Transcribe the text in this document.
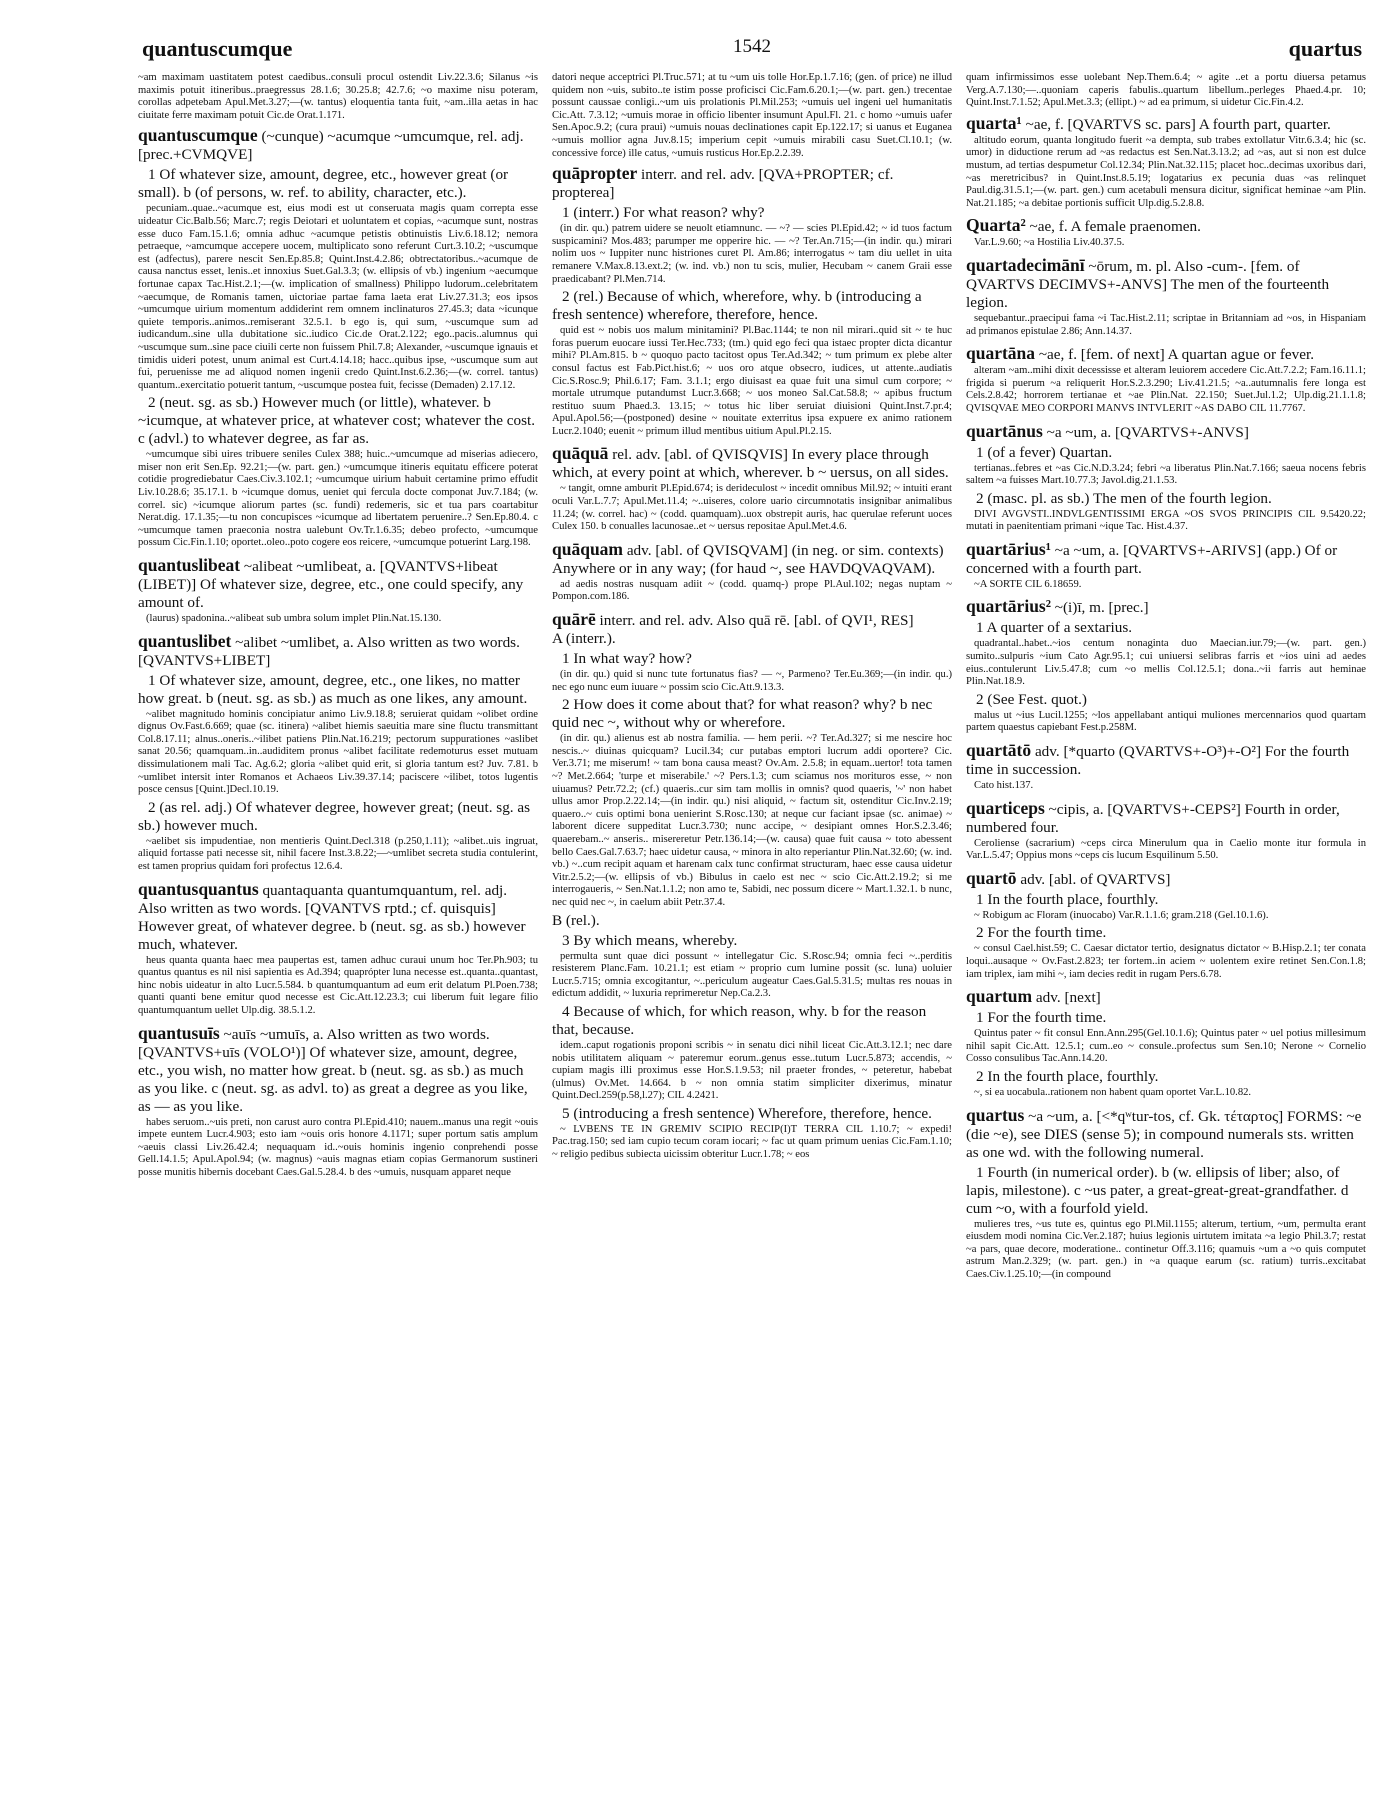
quantuscumque	1542	quartus

~am maximam uastitatem potest caedibus..consuli procul ostendit Liv.22.3.6; Silanus ~is maximis potuit itineribus..praegressus 28.1.6; 30.25.8; 42.7.6; ~o maxime nisu poteram, corollas adpetebam Apul.Met.3.27;—(w. tantus) eloquentia tanta fuit, ~am..illa aetas in hac ciuitate ferre maximam potuit Cic.de Orat.1.171.

quantuscumque (~cunque) ~acumque ~umcumque, rel. adj. [prec.+CVMQVE]

1 Of whatever size, amount, degree, etc., however great (or small). b (of persons, w. ref. to ability, character, etc.).

pecuniam..quae..~acumque est, eius modi est ut conseruata magis quam correpta esse uideatur Cic.Balb.56; Marc.7; regis Deiotari et uoluntatem et copias, ~acumque sunt, nostras esse duco Fam.15.1.6; omnia adhuc ~acumque petistis obtinuistis Liv.6.18.12; nemora petraeque, ~amcumque accepere uocem, multiplicato sono referunt Curt.3.10.2; ~uscumque est (adfectus), parere nescit Sen.Ep.85.8; Quint.Inst.4.2.86; obtrectatoribus..~acumque de causa nanctus esset, lenis..et innoxius Suet.Gal.3.3; (w. ellipsis of vb.) ingenium ~aecumque fortunae capax Tac.Hist.2.1;—(w. implication of smallness) Philippo ludorum..celebritatem ~aecumque, de Romanis tamen, uictoriae partae fama laeta erat Liv.27.31.3; eos ipsos ~umcumque uirium momentum addiderint rem omnem inclinaturos 27.45.3; data ~icunque quiete temporis..animos..remiserant 32.5.1. b ego is, qui sum, ~uscumque sum ad iudicandum..sine ulla dubitatione sic..iudico Cic.de Orat.2.122; ego..pacis..alumnus qui ~uscumque sum..sine pace ciuili certe non fuissem Phil.7.8; Alexander, ~uscumque ignauis et timidis uideri potest, unum animal est Curt.4.14.18; hacc..quibus ipse, ~uscumque sum aut fui, peruenisse me ad aliquod nomen ingenii credo Quint.Inst.6.2.36;—(w. correl. tantus) quantum..exercitatio potuerit tantum, ~uscumque postea fuit, fecisse (Demaden) 2.17.12.

2 (neut. sg. as sb.) However much (or little), whatever. b ~icumque, at whatever price, at whatever cost; whatever the cost. c (advl.) to whatever degree, as far as.

~umcumque sibi uires tribuere seniles Culex 388; huic..~umcumque ad miserias adiecero, miser non erit Sen.Ep. 92.21;—(w. part. gen.) ~umcumque itineris equitatu efficere poterat cotidie progrediebatur Caes.Civ.3.102.1; ~umcumque uirium habuit certamine primo effudit Liv.10.28.6; 35.17.1. b ~icumque domus, ueniet qui fercula docte componat Juv.7.184; (w. correl. sic) ~icumque aliorum partes (sc. fundi) redemeris, sic et tua pars coartabitur Nerat.dig. 17.1.35;—tu non concupisces ~icumque ad libertatem peruenire..? Sen.Ep.80.4. c ~umcumque tamen praeconia nostra ualebunt Ov.Tr.1.6.35; debeo profecto, ~umcumque possum Cic.Fin.1.10; oportet..oleo..poto cogere eos reicere, ~umcumque potuerint Larg.198.

quantuslibeat ~alibeat ~umlibeat, a. [QVANTVS+libeat (LIBET)] Of whatever size, degree, etc., one could specify, any amount of.

(laurus) spadonina..~alibeat sub umbra solum implet Plin.Nat.15.130.

quantuslibet ~alibet ~umlibet, a. Also written as two words. [QVANTVS+LIBET]

1 Of whatever size, amount, degree, etc., one likes, no matter how great. b (neut. sg. as sb.) as much as one likes, any amount.

~alibet magnitudo hominis concipiatur animo Liv.9.18.8; seruierat quidam ~olibet ordine dignus Ov.Fast.6.669; quae (sc. itinera) ~alibet hiemis saeuitia mare sine fluctu transmittant Col.8.17.11; alnus..oneris..~ilibet patiens Plin.Nat.16.219; pectorum suppurationes ~aslibet sanat 20.56; quamquam..in..audiditem pronus ~alibet facilitate redemoturus esset mutuam dissimulationem mali Tac. Ag.6.2; gloria ~alibet quid erit, si gloria tantum est? Juv. 7.81. b ~umlibet intersit inter Romanos et Achaeos Liv.39.37.14; paciscere ~ilibet, totos lugentis posce census [Quint.]Decl.10.19.

2 (as rel. adj.) Of whatever degree, however great; (neut. sg. as sb.) however much.

~aelibet sis impudentiae, non mentieris Quint.Decl.318 (p.250,1.11); ~alibet..uis ingruat, aliquid fortasse pati necesse sit, nihil facere Inst.3.8.22;—~umlibet secreta studia contulerint, est tamen proprius quidam fori profectus 12.6.4.

quantusquantus quantaquanta quantumquantum, rel. adj. Also written as two words. [QVANTVS rptd.; cf. quisquis] However great, of whatever degree. b (neut. sg. as sb.) however much, whatever.

heus quanta quanta haec mea paupertas est, tamen adhuc curaui unum hoc Ter.Ph.903; tu quantus quantus es nil nisi sapientia es Ad.394; quaprópter luna necesse est..quanta..quantast, hinc nobis uideatur in alto Lucr.5.584. b quantumquantum ad eum erit delatum Pl.Poen.738; quanti quanti bene emitur quod necesse est Cic.Att.12.23.3; cui liberum fuit legare filio quantumquantum uellet Ulp.dig. 38.5.1.2.

quantusuīs ~auīs ~umuīs, a. Also written as two words. [QVANTVS+uīs (VOLO¹)] Of whatever size, amount, degree, etc., you wish, no matter how great. b (neut. sg. as sb.) as much as you like. c (neut. sg. as advl. to) as great a degree as you like, as — as you like.

habes seruom..~uis preti, non carust auro contra Pl.Epid.410; nauem..manus una regit ~ouis impete euntem Lucr.4.903; esto iam ~ouis oris honore 4.1171; super portum satis amplum ~aeuis classi Liv.26.42.4; nequaquam id..~ouis hominis ingenio conprehendi posse Gell.14.1.5; Apul.Apol.94; (w. magnus) ~auis magnas etiam copias Germanorum sustineri posse munitis hibernis docebant Caes.Gal.5.28.4. b des ~umuis, nusquam apparet neque

datori neque acceptrici Pl.Truc.571; at tu ~um uis tolle Hor.Ep.1.7.16; (gen. of price) ne illud quidem non ~uis, subito..te istim posse proficisci Cic.Fam.6.20.1;—(w. part. gen.) trecentae possunt caussae conligi..~um uis prolationis Pl.Mil.253; ~umuis uel ingeni uel humanitatis Cic.Att. 7.3.12; ~umuis morae in officio libenter insumunt Apul.Fl. 21. c homo ~umuis uafer Sen.Apoc.9.2; (cura praui) ~umuis nouas declinationes capit Ep.122.17; si uanus et Euganea ~umuis mollior agna Juv.8.15; imperium cepit ~umuis mirabili casu Suet.Cl.10.1; (w. concessive force) ille catus, ~umuis rusticus Hor.Ep.2.2.39.

quāpropter interr. and rel. adv. [QVA+PROPTER; cf. propterea]

1 (interr.) For what reason? why?

(in dir. qu.) patrem uidere se neuolt etiamnunc. — ~? — scies Pl.Epid.42; ~ id tuos factum suspicamini? Mos.483; parumper me opperire hic. — ~? Ter.An.715;—(in indir. qu.) mirari nolim uos ~ Iuppiter nunc histriones curet Pl. Am.86; interrogatus ~ tam diu uellet in uita remanere V.Max.8.13.ext.2; (w. ind. vb.) non tu scis, mulier, Hecubam ~ canem Graii esse praedicabant? Pl.Men.714.

2 (rel.) Because of which, wherefore, why. b (introducing a fresh sentence) wherefore, therefore, hence.

quid est ~ nobis uos malum minitamini? Pl.Bac.1144; te non nil mirari..quid sit ~ te huc foras puerum euocare iussi Ter.Hec.733; (tm.) quid ego feci qua istaec propter dicta dicantur mihi? Pl.Am.815. b ~ quoquo pacto tacitost opus Ter.Ad.342; ~ tum primum ex plebe alter consul factus est Fab.Pict.hist.6; ~ uos oro atque obsecro, iudices, ut attente..audiatis Cic.S.Rosc.9; Phil.6.17; Fam. 3.1.1; ergo diuisast ea quae fuit una simul cum corpore; ~ mortale utrumque putandumst Lucr.3.668; ~ uos moneo Sal.Cat.58.8; ~ apibus fructum restituo suum Phaed.3. 13.15; ~ totus hic liber seruiat diuisioni Quint.Inst.7.pr.4; Apul.Apol.56;—(postponed) desine ~ nouitate exterritus ipsa expuere ex animo rationem Lucr.2.1040; euenit ~ primum illud mentibus uitium Apul.Pl.2.15.

quāquā rel. adv. [abl. of QVISQVIS] In every place through which, at every point at which, wherever. b ~ uersus, on all sides.

~ tangit, omne amburit Pl.Epid.674; is derideculost ~ incedit omnibus Mil.92; ~ intuiti erant oculi Var.L.7.7; Apul.Met.11.4; ~..uiseres, colore uario circumnotatis insignibar animalibus 11.24; (w. correl. hac) ~ (codd. quamquam)..uox obstrepit auris, hac querulae referunt uoces Culex 150. b conualles lacunosae..et ~ uersus repositae Apul.Met.4.6.

quāquam adv. [abl. of QVISQVAM] (in neg. or sim. contexts) Anywhere or in any way; (for haud ~, see HAVDQVAQVAM).

ad aedis nostras nusquam adiit ~ (codd. quamq-) prope Pl.Aul.102; negas nuptam ~ Pompon.com.186.

quārē interr. and rel. adv. Also quā rē. [abl. of QVI¹, RES]

A (interr.).

1 In what way? how?

(in dir. qu.) quid si nunc tute fortunatus fias? — ~, Parmeno? Ter.Eu.369;—(in indir. qu.) nec ego nunc eum iuuare ~ possim scio Cic.Att.9.13.3.

2 How does it come about that? for what reason? why? b nec quid nec ~, without why or wherefore.

(in dir. qu.) alienus est ab nostra familia. — hem perii. ~? Ter.Ad.327; si me nescire hoc nescis..~ diuinas quicquam? Lucil.34; cur putabas emptori lucrum addi oportere? Cic. Ver.3.71; me miserum! ~ tam bona causa meast? Ov.Am. 2.5.8; in equam..uertor! tota tamen ~? Met.2.664; 'turpe et miserabile.' ~? Pers.1.3; cum sciamus nos morituros esse, ~ non uiuamus? Petr.72.2; (cf.) quaeris..cur sim tam mollis in omnis? quod quaeris, '~' non habet ullus amor Prop.2.22.14;—(in indir. qu.) nisi aliquid, ~ factum sit, ostenditur Cic.Inv.2.19; quaero..~ cuis optimi bona uenierint S.Rosc.130; at neque cur faciant ipsae (sc. animae) ~ laborent dicere suppeditat Lucr.3.730; nunc accipe, ~ desipiant omnes Hor.S.2.3.46; quaerebam..~ anseris.. misereretur Petr.136.14;—(w. causa) quae fuit causa ~ toto abessent bello Caes.Gal.7.63.7; haec uidetur causa, ~ minora in alto reperiantur Plin.Nat.32.60; (w. ind. vb.) ~..cum recipit aquam et harenam calx tunc confirmat structuram, haec esse causa uidetur Vitr.2.5.2;—(w. ellipsis of vb.) Bibulus in caelo est nec ~ scio Cic.Att.2.19.2; si me interrogaueris, ~ Sen.Nat.1.1.2; non amo te, Sabidi, nec possum dicere ~ Mart.1.32.1. b nunc, nec quid nec ~, in caelum abiit Petr.37.4.

B (rel.).

3 By which means, whereby.

permulta sunt quae dici possunt ~ intellegatur Cic. S.Rosc.94; omnia feci ~..perditis resisterem Planc.Fam. 10.21.1; est etiam ~ proprio cum lumine possit (sc. luna) uoluier Lucr.5.715; omnia excogitantur, ~..periculum augeatur Caes.Gal.5.31.5; multas res nouas in edictum addidit, ~ luxuria reprimeretur Nep.Ca.2.3.

4 Because of which, for which reason, why. b for the reason that, because.

idem..caput rogationis proponi scribis ~ in senatu dici nihil liceat Cic.Att.3.12.1; nec dare nobis utilitatem aliquam ~ pateremur eorum..genus esse..tutum Lucr.5.873; accendis, ~ cupiam magis illi proximus esse Hor.S.1.9.53; nil praeter frondes, ~ peteretur, habebat (ulmus) Ov.Met. 14.664. b ~ non omnia statim simpliciter dixerimus, minatur Quint.Decl.259(p.58,l.27); CIL 4.2421.

5 (introducing a fresh sentence) Wherefore, therefore, hence.

~ LVBENS TE IN GREMIV SCIPIO RECIP(I)T TERRA CIL 1.10.7; ~ expedi! Pac.trag.150; sed iam cupio tecum coram iocari; ~ fac ut quam primum uenias Cic.Fam.1.10; ~ religio pedibus subiecta uicissim obteritur Lucr.1.78; ~ eos

quam infirmissimos esse uolebant Nep.Them.6.4; ~ agite ..et a portu diuersa petamus Verg.A.7.130;—..quoniam caperis fabulis..quartum libellum..perleges Phaed.4.pr. 10; Quint.Inst.7.1.52; Apul.Met.3.3; (ellipt.) ~ ad ea primum, si uidetur Cic.Fin.4.2.

quarta¹ ~ae, f. [QVARTVS sc. pars] A fourth part, quarter.

altitudo eorum, quanta longitudo fuerit ~a dempta, sub trabes extollatur Vitr.6.3.4; hic (sc. umor) in diductione rerum ad ~as redactus est Sen.Nat.3.13.2; ad ~as, aut si non est dulce mustum, ad tertias despumetur Col.12.34; Plin.Nat.32.115; placet hoc..decimas uxoribus dari, ~as meretricibus? in Quint.Inst.8.5.19; logatarius ex pecunia duas ~as relinquet Paul.dig.31.5.1;—(w. part. gen.) cum acetabuli mensura dicitur, significat heminae ~am Plin. Nat.21.185; ~a debitae portionis sufficit Ulp.dig.5.2.8.8.

Quarta² ~ae, f. A female praenomen.

Var.L.9.60; ~a Hostilia Liv.40.37.5.

quartadecimānī ~ōrum, m. pl. Also -cum-. [fem. of QVARTVS DECIMVS+-ANVS] The men of the fourteenth legion.

sequebantur..praecipui fama ~i Tac.Hist.2.11; scriptae in Britanniam ad ~os, in Hispaniam ad primanos epistulae 2.86; Ann.14.37.

quartāna ~ae, f. [fem. of next] A quartan ague or fever.

alteram ~am..mihi dixit decessisse et alteram leuiorem accedere Cic.Att.7.2.2; Fam.16.11.1; frigida si puerum ~a reliquerit Hor.S.2.3.290; Liv.41.21.5; ~a..autumnalis fere longa est Cels.2.8.42; horrorem tertianae et ~ae Plin.Nat. 22.150; Suet.Jul.1.2; Ulp.dig.21.1.1.8; QVISQVAE MEO CORPORI MANVS INTVLERIT ~AS DABO CIL 11.7767.

quartānus ~a ~um, a. [QVARTVS+-ANVS]

1 (of a fever) Quartan.

tertianas..febres et ~as Cic.N.D.3.24; febri ~a liberatus Plin.Nat.7.166; saeua nocens febris saltem ~a fuisses Mart.10.77.3; Javol.dig.21.1.53.

2 (masc. pl. as sb.) The men of the fourth legion.

DIVI AVGVSTI..INDVLGENTISSIMI ERGA ~OS SVOS PRINCIPIS CIL 9.5420.22; mutati in paenitentiam primani ~ique Tac. Hist.4.37.

quartārius¹ ~a ~um, a. [QVARTVS+-ARIVS] (app.) Of or concerned with a fourth part.

~A SORTE CIL 6.18659.

quartārius² ~(i)ī, m. [prec.]

1 A quarter of a sextarius.

quadrantal..habet..~ios centum nonaginta duo Maecian.iur.79;—(w. part. gen.) sumito..sulpuris ~ium Cato Agr.95.1; cui uniuersi selibras farris et ~ios uini ad aedes eius..contulerunt Liv.5.47.8; cum ~o mellis Col.12.5.1; dona..~ii farris aut heminae Plin.Nat.18.9.

2 (See Fest. quot.)

malus ut ~ius Lucil.1255; ~los appellabant antiqui muliones mercennarios quod quartam partem quaestus capiebant Fest.p.258M.

quartātō adv. [*quarto (QVARTVS+-O³)+-O²] For the fourth time in succession.

Cato hist.137.

quarticeps ~cipis, a. [QVARTVS+-CEPS²] Fourth in order, numbered four.

Ceroliense (sacrarium) ~ceps circa Minerulum qua in Caelio monte itur formula in Var.L.5.47; Oppius mons ~ceps cis lucum Esquilinum 5.50.

quartō adv. [abl. of QVARTVS]

1 In the fourth place, fourthly.

~ Robigum ac Floram (inuocabo) Var.R.1.1.6; gram.218 (Gel.10.1.6).

2 For the fourth time.

~ consul Cael.hist.59; C. Caesar dictator tertio, designatus dictator ~ B.Hisp.2.1; ter conata loqui..ausaque ~ Ov.Fast.2.823; ter fortem..in aciem ~ uolentem exire retinet Sen.Con.1.8; iam triplex, iam mihi ~, iam decies redit in rugam Pers.6.78.

quartum adv. [next]

1 For the fourth time.

Quintus pater ~ fit consul Enn.Ann.295(Gel.10.1.6); Quintus pater ~ uel potius millesimum nihil sapit Cic.Att. 12.5.1; cum..eo ~ consule..profectus sum Sen.10; Nerone ~ Cornelio Cosso consulibus Tac.Ann.14.20.

2 In the fourth place, fourthly.

~, si ea uocabula..rationem non habent quam oportet Var.L.10.82.

quartus ~a ~um, a. [<*qʷtur-tos, cf. Gk. τέταρτος] FORMS: ~e (die ~e), see DIES (sense 5); in compound numerals sts. written as one wd. with the following numeral.

1 Fourth (in numerical order). b (w. ellipsis of liber; also, of lapis, milestone). c ~us pater, a great-great-great-grandfather. d cum ~o, with a fourfold yield.

mulieres tres, ~us tute es, quintus ego Pl.Mil.1155; alterum, tertium, ~um, permulta erant eiusdem modi nomina Cic.Ver.2.187; huius legionis uirtutem imitata ~a legio Phil.3.7; restat ~a pars, quae decore, moderatione.. continetur Off.3.116; quamuis ~um a ~o quis computet astrum Man.2.329; (w. part. gen.) in ~a quaque earum (sc. ratium) turris..excitabat Caes.Civ.1.25.10;—(in compound
